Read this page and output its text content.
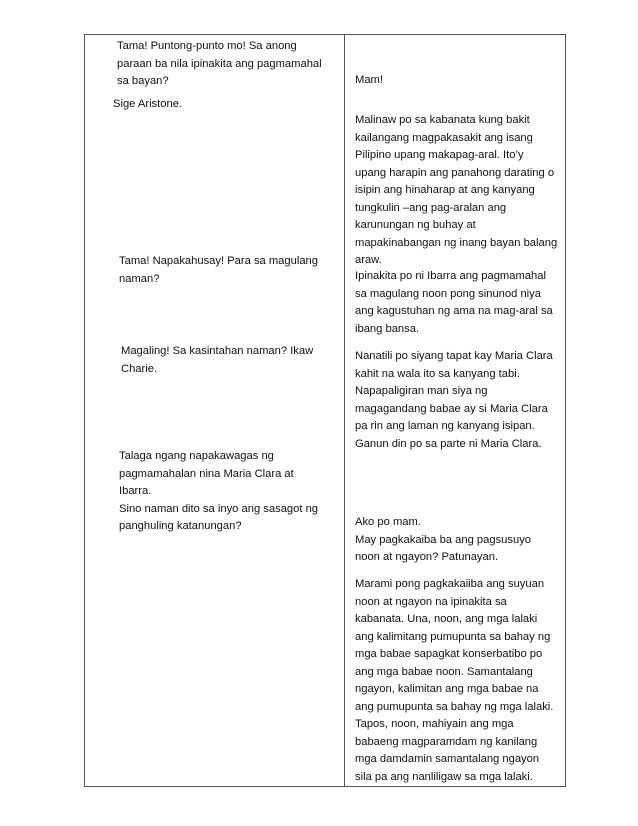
Tama! Puntong-punto mo! Sa anong
paraan ba nila ipinakita ang pagmamahal
sa bayan?
Sige Aristone.
Tama! Napakahusay! Para sa magulang
naman?
Magaling! Sa kasintahan naman? Ikaw
Charie.
Talaga ngang napakawagas ng
pagmamahalan nina Maria Clara at
Ibarra.
Sino naman dito sa inyo ang sasagot ng
panghuling katanungan?
Mam!
Malinaw po sa kabanata kung bakit
kailangang magpakasakit ang isang
Pilipino upang makapag-aral. Ito’y
upang harapin ang panahong darating o
isipin ang hinaharap at ang kanyang
tungkulin –ang pag-aralan ang
karunungan ng buhay at
mapakinabangan ng inang bayan balang
araw.
Ipinakita po ni Ibarra ang pagmamahal
sa magulang noon pong sinunod niya
ang kagustuhan ng ama na mag-aral sa
ibang bansa.
Nanatili po siyang tapat kay Maria Clara
kahit na wala ito sa kanyang tabi.
Napapaligiran man siya ng
magagandang babae ay si Maria Clara
pa rin ang laman ng kanyang isipan.
Ganun din po sa parte ni Maria Clara.
Ako po mam.
May pagkakaiba ba ang pagsusuyo
noon at ngayon? Patunayan.
Marami pong pagkakaiiba ang suyuan
noon at ngayon na ipinakita sa
kabanata. Una, noon, ang mga lalaki
ang kalimitang pumupunta sa bahay ng
mga babae sapagkat konserbatibo po
ang mga babae noon. Samantalang
ngayon, kalimitan ang mga babae na
ang pumupunta sa bahay ng mga lalaki.
Tapos, noon, mahiyain ang mga
babaeng magparamdam ng kanilang
mga damdamin samantalang ngayon
sila pa ang nanliligaw sa mga lalaki.
